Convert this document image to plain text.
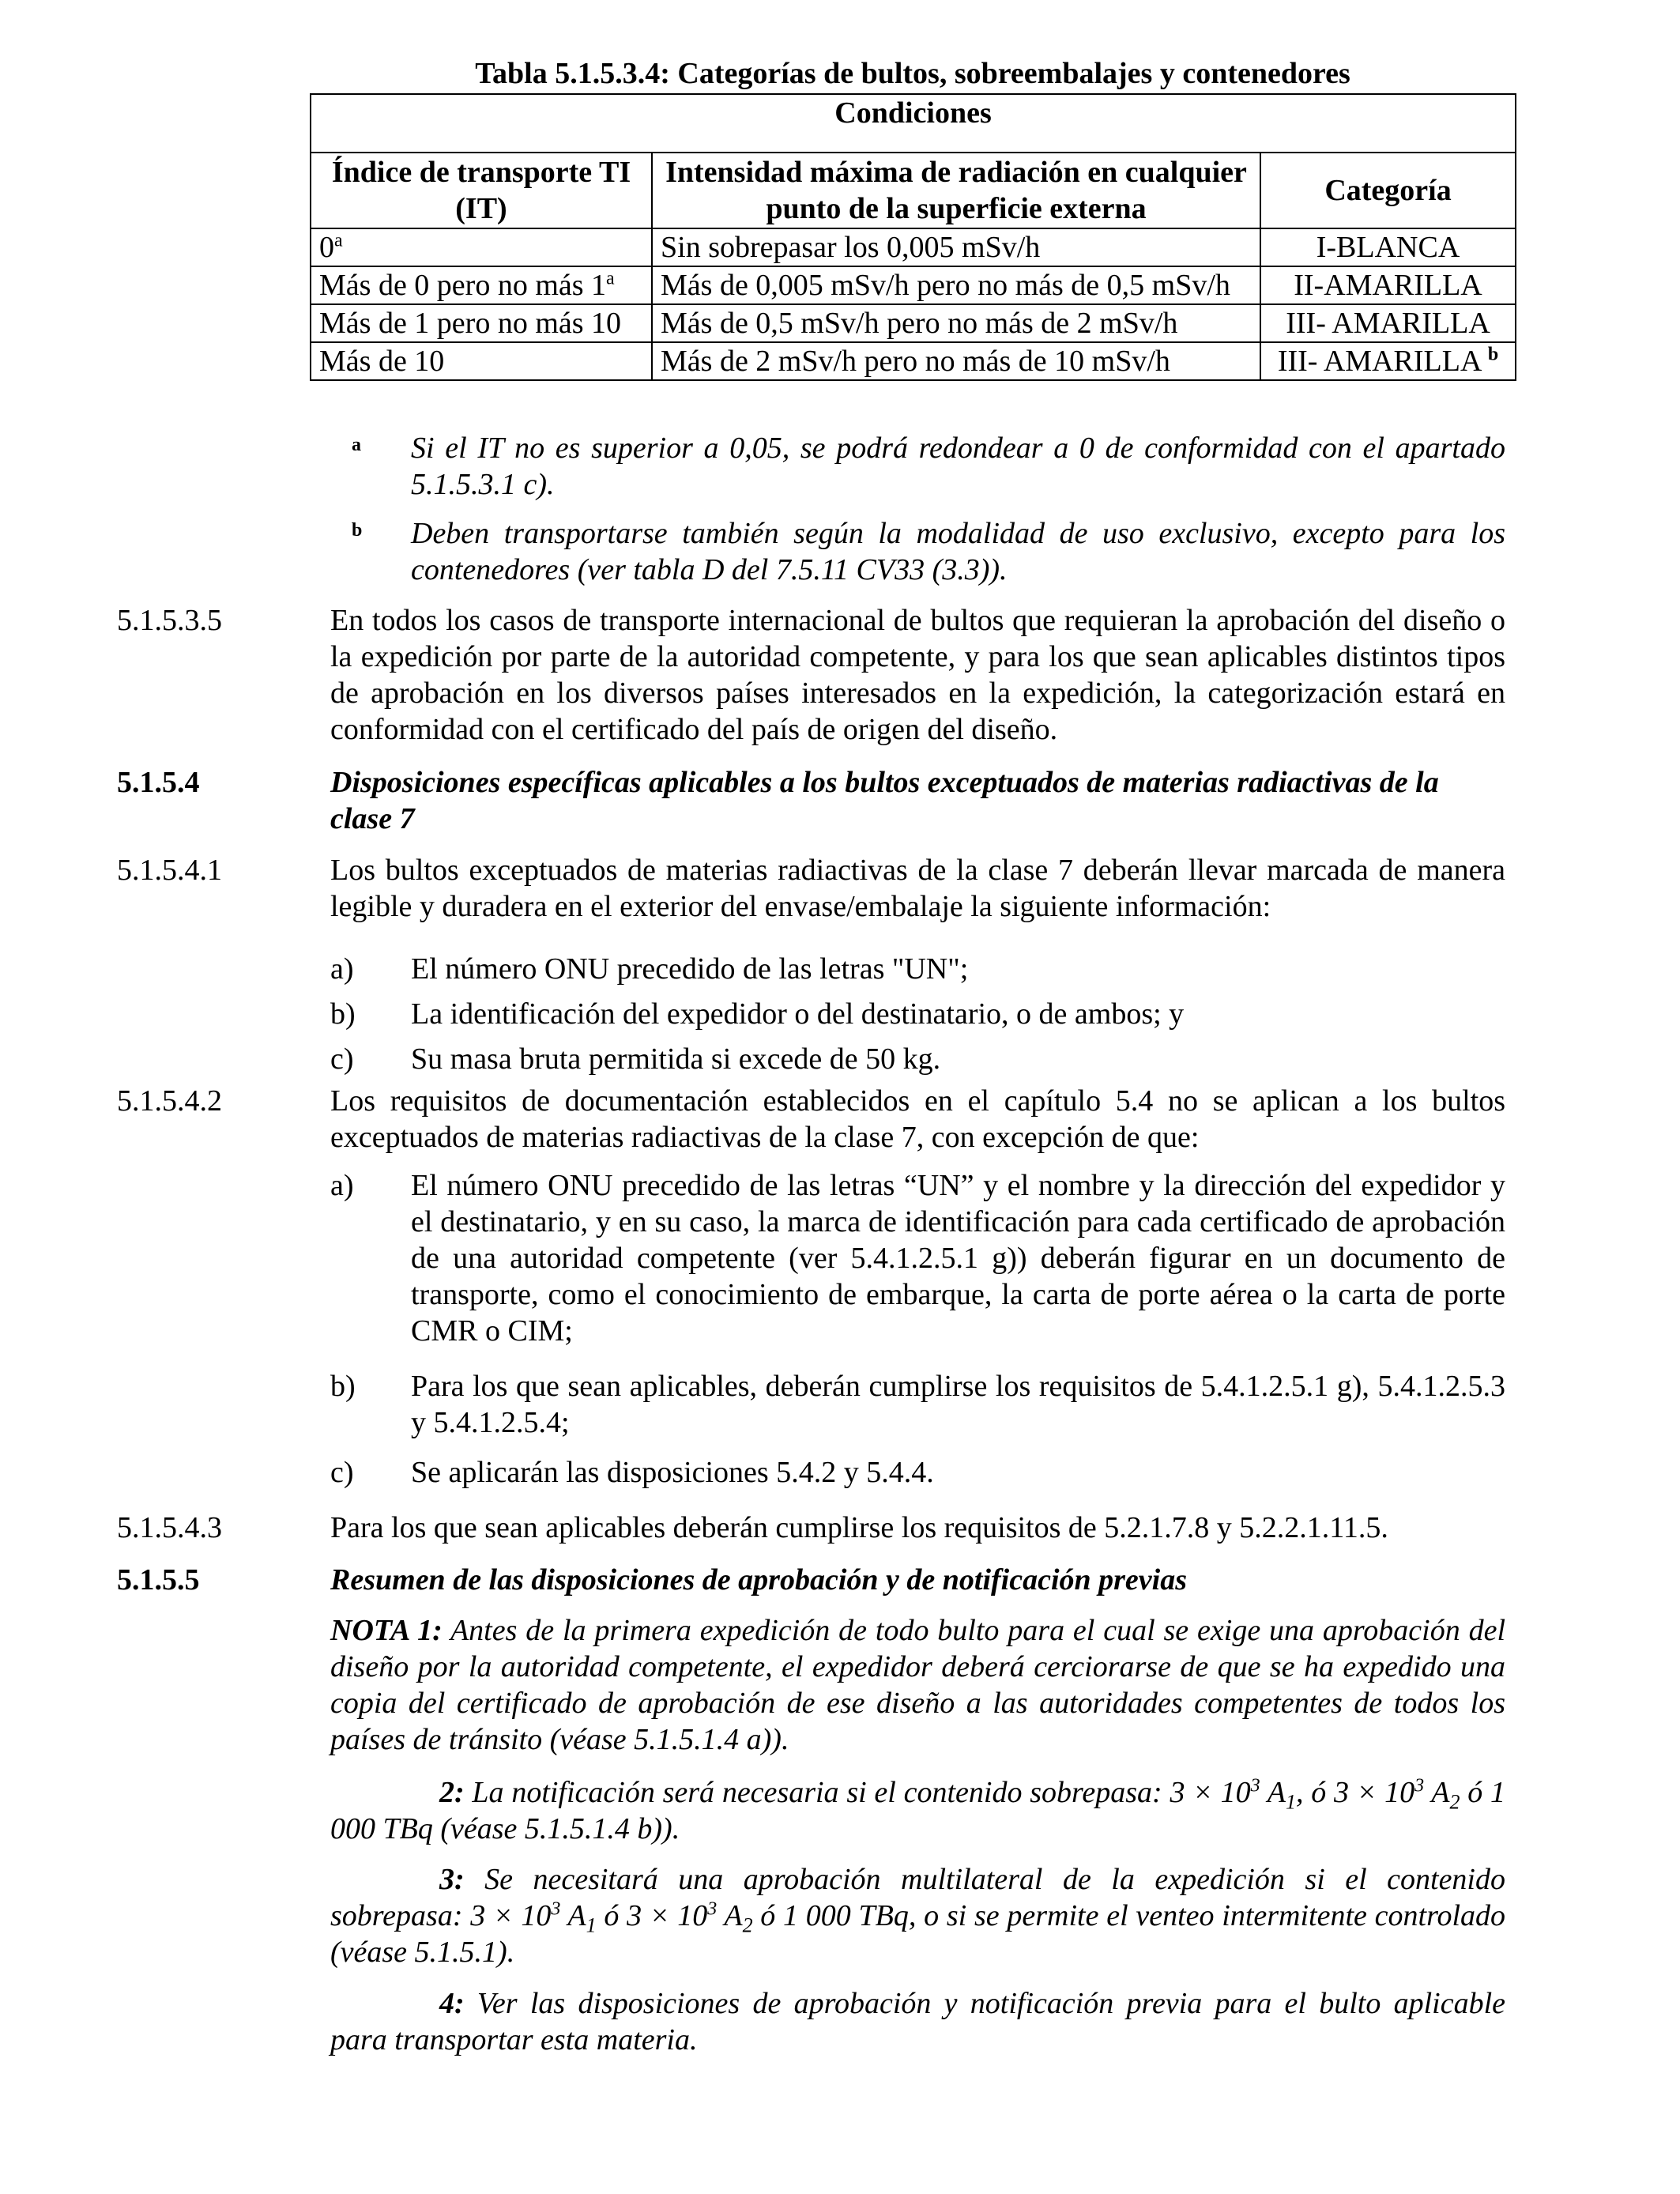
Tabla 5.1.5.3.4: Categorías de bultos, sobreembalajes y contenedores
Condiciones		
Índice de transporte TI (IT)	Intensidad máxima de radiación en cualquier punto de la superficie externa	Categoría
0$^a$	Sin sobrepasar los 0,005 mSv/h	I-BLANCA
Más de 0 pero no más 1$^a$	Más de 0,005 mSv/h pero no más de 0,5 mSv/h	II-AMARILLA
Más de 1 pero no más 10	Más de 0,5 mSv/h pero no más de 2 mSv/h	III- AMARILLA
Más de 10	Más de 2 mSv/h pero no más de 10 mSv/h	III- AMARILLA $^b$
a Si el IT no es superior a 0,05, se podrá redondear a 0 de conformidad con el apartado 5.1.5.3.1 c).
b Deben transportarse también según la modalidad de uso exclusivo, excepto para los contenedores (ver tabla D del 7.5.11 CV33 (3.3)).
5.1.5.3.5	En todos los casos de transporte internacional de bultos que requieran la aprobación del diseño o la expedición por parte de la autoridad competente, y para los que sean aplicables distintos tipos de aprobación en los diversos países interesados en la expedición, la categorización estará en conformidad con el certificado del país de origen del diseño.
5.1.5.4	Disposiciones específicas aplicables a los bultos exceptuados de materias radiactivas de la clase 7
5.1.5.4.1	Los bultos exceptuados de materias radiactivas de la clase 7 deberán llevar marcada de manera legible y duradera en el exterior del envase/embalaje la siguiente información:
a) El número ONU precedido de las letras "UN";
b) La identificación del expedidor o del destinatario, o de ambos; y
c) Su masa bruta permitida si excede de 50 kg.
5.1.5.4.2	Los requisitos de documentación establecidos en el capítulo 5.4 no se aplican a los bultos exceptuados de materias radiactivas de la clase 7, con excepción de que:
a) El número ONU precedido de las letras “UN” y el nombre y la dirección del expedidor y el destinatario, y en su caso, la marca de identificación para cada certificado de aprobación de una autoridad competente (ver 5.4.1.2.5.1 g)) deberán figurar en un documento de transporte, como el conocimiento de embarque, la carta de porte aérea o la carta de porte CMR o CIM;
b) Para los que sean aplicables, deberán cumplirse los requisitos de 5.4.1.2.5.1 g), 5.4.1.2.5.3 y 5.4.1.2.5.4;
c) Se aplicarán las disposiciones 5.4.2 y 5.4.4.
5.1.5.4.3	Para los que sean aplicables deberán cumplirse los requisitos de 5.2.1.7.8 y 5.2.2.1.11.5.
5.1.5.5	Resumen de las disposiciones de aprobación y de notificación previas
NOTA 1: Antes de la primera expedición de todo bulto para el cual se exige una aprobación del diseño por la autoridad competente, el expedidor deberá cerciorarse de que se ha expedido una copia del certificado de aprobación de ese diseño a las autoridades competentes de todos los países de tránsito (véase 5.1.5.1.4 a)).
2: La notificación será necesaria si el contenido sobrepasa: $3 \times 10^3$ $A_1$, ó $3 \times 10^3$ $A_2$ ó 1 000 TBq (véase 5.1.5.1.4 b)).
3: Se necesitará una aprobación multilateral de la expedición si el contenido sobrepasa: $3 \times 10^3$ $A_1$ ó $3 \times 10^3$ $A_2$ ó 1 000 TBq, o si se permite el venteo intermitente controlado (véase 5.1.5.1).
4: Ver las disposiciones de aprobación y notificación previa para el bulto aplicable para transportar esta materia.
